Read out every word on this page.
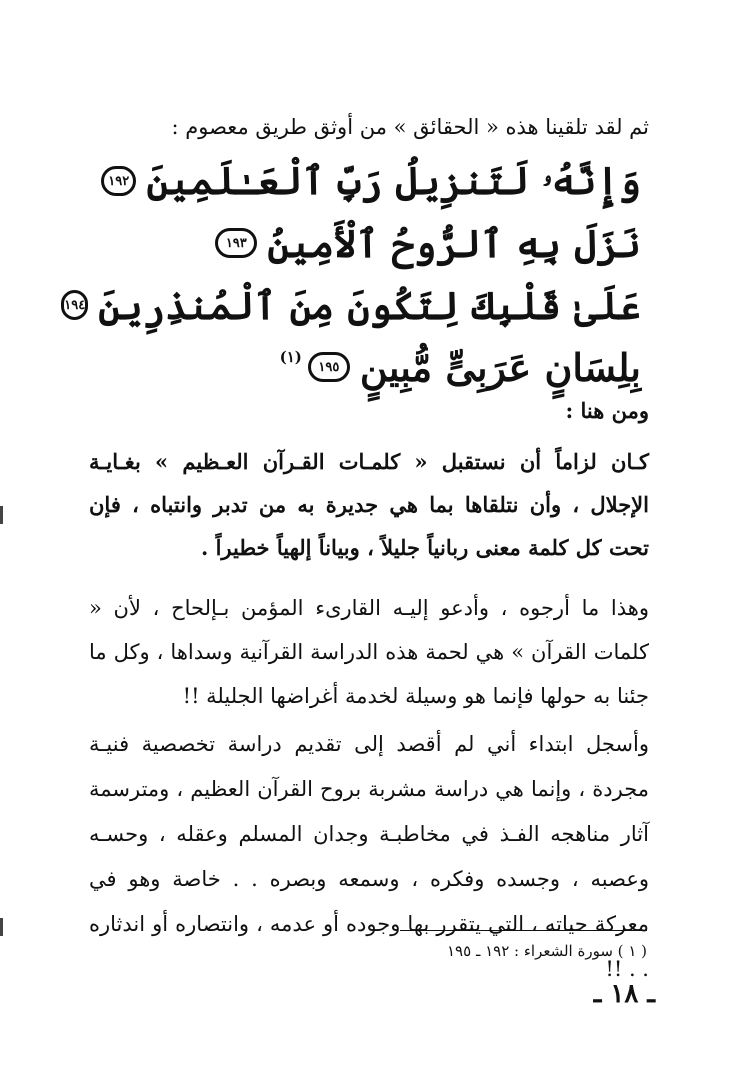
ثم لقد تلقينا هذه « الحقائق » من أوثق طريق معصوم :
وَإِنَّهُۥ لَتَنزِيلُ رَبِّ ٱلْعَـٰلَمِينَ
١٩٢
نَزَلَ بِهِ ٱلرُّوحُ ٱلْأَمِينُ
١٩٣
عَلَىٰ قَلْبِكَ لِتَكُونَ مِنَ ٱلْمُنذِرِينَ
١٩٤
بِلِسَانٍ عَرَبِىٍّ مُّبِينٍ
١٩٥
(١)
ومن هنا :

كـان لزاماً أن نستقبل « كلمـات القـرآن العـظيم » بغـايـة الإجلال ، وأن نتلقاها بما هي جديرة به من تدبر وانتباه ، فإن تحت كل كلمة معنى ربانياً جليلاً ، وبياناً إلهياً خطيراً .

وهذا ما أرجوه ، وأدعو إليـه القارىء المؤمن بـإلحاح ، لأن « كلمات القرآن » هي لحمة هذه الدراسة القرآنية وسداها ، وكل ما جئنا به حولها فإنما هو وسيلة لخدمة أغراضها الجليلة !!

وأسجل ابتداء أني لم أقصد إلى تقديم دراسة تخصصية فنيـة مجردة ، وإنما هي دراسة مشربة بروح القرآن العظيم ، ومترسمة آثار مناهجه الفـذ في مخاطبـة وجدان المسلم وعقله ، وحسـه وعصبه ، وجسده وفكره ، وسمعه وبصره . . خاصة وهو في معركة حياته ، التي يتقرر بها وجوده أو عدمه ، وانتصاره أو اندثاره . . !!

( ١ ) سورة الشعراء : ١٩٢ ـ ١٩٥
ـ ١٨ ـ
